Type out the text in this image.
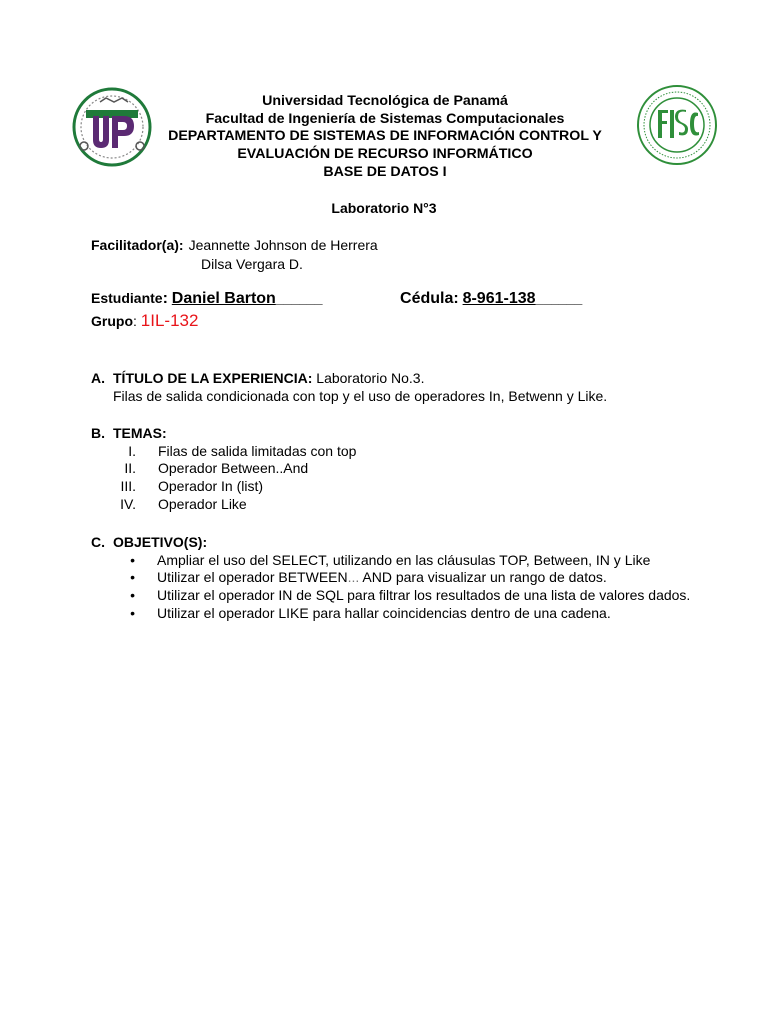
Universidad Tecnológica de Panamá
Facultad de Ingeniería de Sistemas Computacionales
DEPARTAMENTO DE SISTEMAS DE INFORMACIÓN CONTROL Y
EVALUACIÓN DE RECURSO INFORMÁTICO
BASE DE DATOS I
Laboratorio N°3
Facilitador(a): Jeannette Johnson de Herrera
Dilsa Vergara D.
Estudiante: Daniel Barton______	Cédula: 8-961-138______
Grupo: 1IL-132
A. TÍTULO DE LA EXPERIENCIA: Laboratorio No.3.
Filas de salida condicionada con top y el uso de operadores In, Betwenn y Like.
B. TEMAS:
I.	Filas de salida limitadas con top
II.	Operador Between..And
III.	Operador In (list)
IV.	Operador Like
C. OBJETIVO(S):
•	Ampliar el uso del SELECT, utilizando en las cláusulas TOP, Between, IN y Like
•	Utilizar el operador BETWEEN... AND para visualizar un rango de datos.
•	Utilizar el operador IN de SQL para filtrar los resultados de una lista de valores dados.
•	Utilizar el operador LIKE para hallar coincidencias dentro de una cadena.
